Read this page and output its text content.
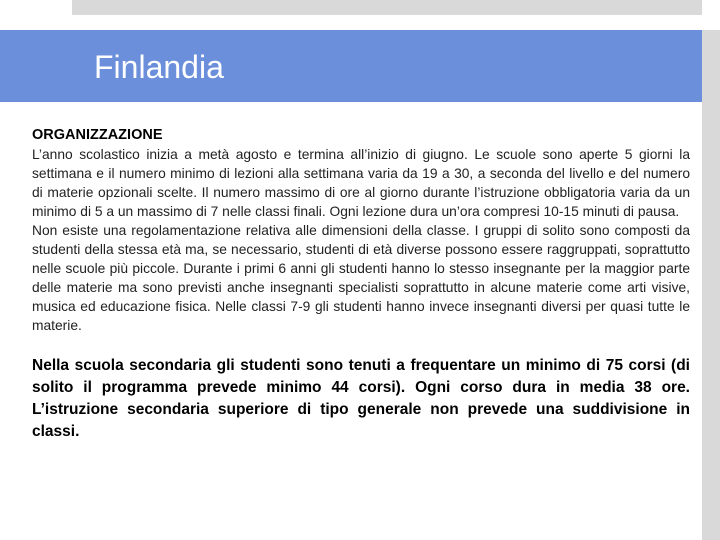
Finlandia
ORGANIZZAZIONE

L’anno scolastico inizia a metà agosto e termina all’inizio di giugno. Le scuole sono aperte 5 giorni la settimana e il numero minimo di lezioni alla settimana varia da 19 a 30, a seconda del livello e del numero di materie opzionali scelte. Il numero massimo di ore al giorno durante l’istruzione obbligatoria varia da un minimo di 5 a un massimo di 7 nelle classi finali. Ogni lezione dura un’ora compresi 10-15 minuti di pausa.

Non esiste una regolamentazione relativa alle dimensioni della classe. I gruppi di solito sono composti da studenti della stessa età ma, se necessario, studenti di età diverse possono essere raggruppati, soprattutto nelle scuole più piccole. Durante i primi 6 anni gli studenti hanno lo stesso insegnante per la maggior parte delle materie ma sono previsti anche insegnanti specialisti soprattutto in alcune materie come arti visive, musica ed educazione fisica. Nelle classi 7-9 gli studenti hanno invece insegnanti diversi per quasi tutte le materie.

Nella scuola secondaria gli studenti sono tenuti a frequentare un minimo di 75 corsi (di solito il programma prevede minimo 44 corsi). Ogni corso dura in media 38 ore. L’istruzione secondaria superiore di tipo generale non prevede una suddivisione in classi.
